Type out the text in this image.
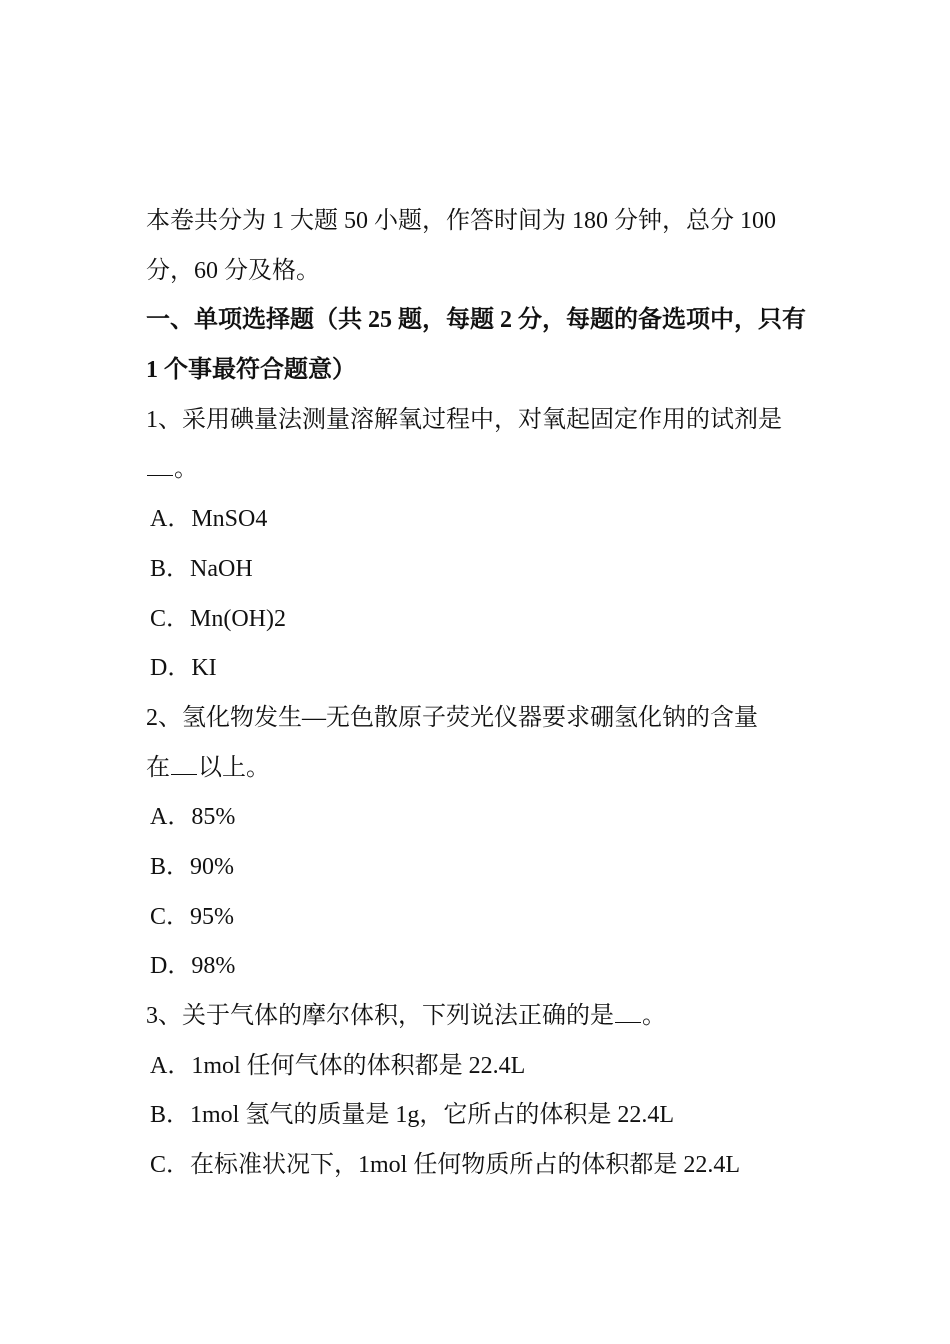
本卷共分为 1 大题 50 小题，作答时间为 180 分钟，总分 100
分，60 分及格。
一、单项选择题（共 25 题，每题 2 分，每题的备选项中，只有
1 个事最符合题意）
1、采用碘量法测量溶解氧过程中，对氧起固定作用的试剂是
。
A．MnSO4
B．NaOH
C．Mn(OH)2
D．KI
2、氢化物发生—无色散原子荧光仪器要求硼氢化钠的含量
在 以上。
A．85%
B．90%
C．95%
D．98%
3、关于气体的摩尔体积，下列说法正确的是 。
A．1mol 任何气体的体积都是 22.4L
B．1mol 氢气的质量是 1g，它所占的体积是 22.4L
C．在标准状况下，1mol 任何物质所占的体积都是 22.4L
